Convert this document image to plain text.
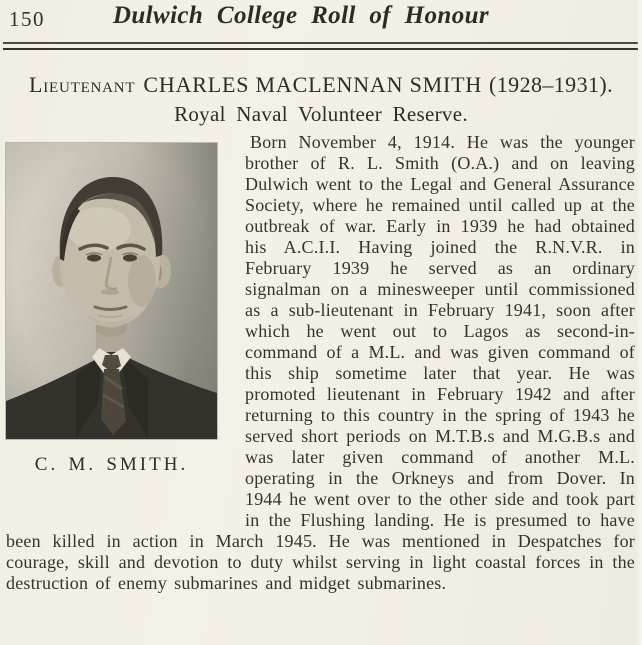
150	Dulwich College Roll of Honour
Lieutenant CHARLES MACLENNAN SMITH (1928–1931).
Royal Naval Volunteer Reserve.
C. M. SMITH.

Born November 4, 1914. He was the younger brother of R. L. Smith (O.A.) and on leaving Dulwich went to the Legal and General Assurance Society, where he remained until called up at the outbreak of war. Early in 1939 he had obtained his A.C.I.I. Having joined the R.N.V.R. in February 1939 he served as an ordinary signalman on a minesweeper until commissioned as a sub-lieutenant in February 1941, soon after which he went out to Lagos as second-in-command of a M.L. and was given command of this ship sometime later that year. He was promoted lieutenant in February 1942 and after returning to this country in the spring of 1943 he served short periods on M.T.B.s and M.G.B.s and was later given command of another M.L. operating in the Orkneys and from Dover. In 1944 he went over to the other side and took part in the Flushing landing. He is presumed to have been killed in action in March 1945. He was mentioned in Despatches for courage, skill and devotion to duty whilst serving in light coastal forces in the destruction of enemy submarines and midget submarines.
